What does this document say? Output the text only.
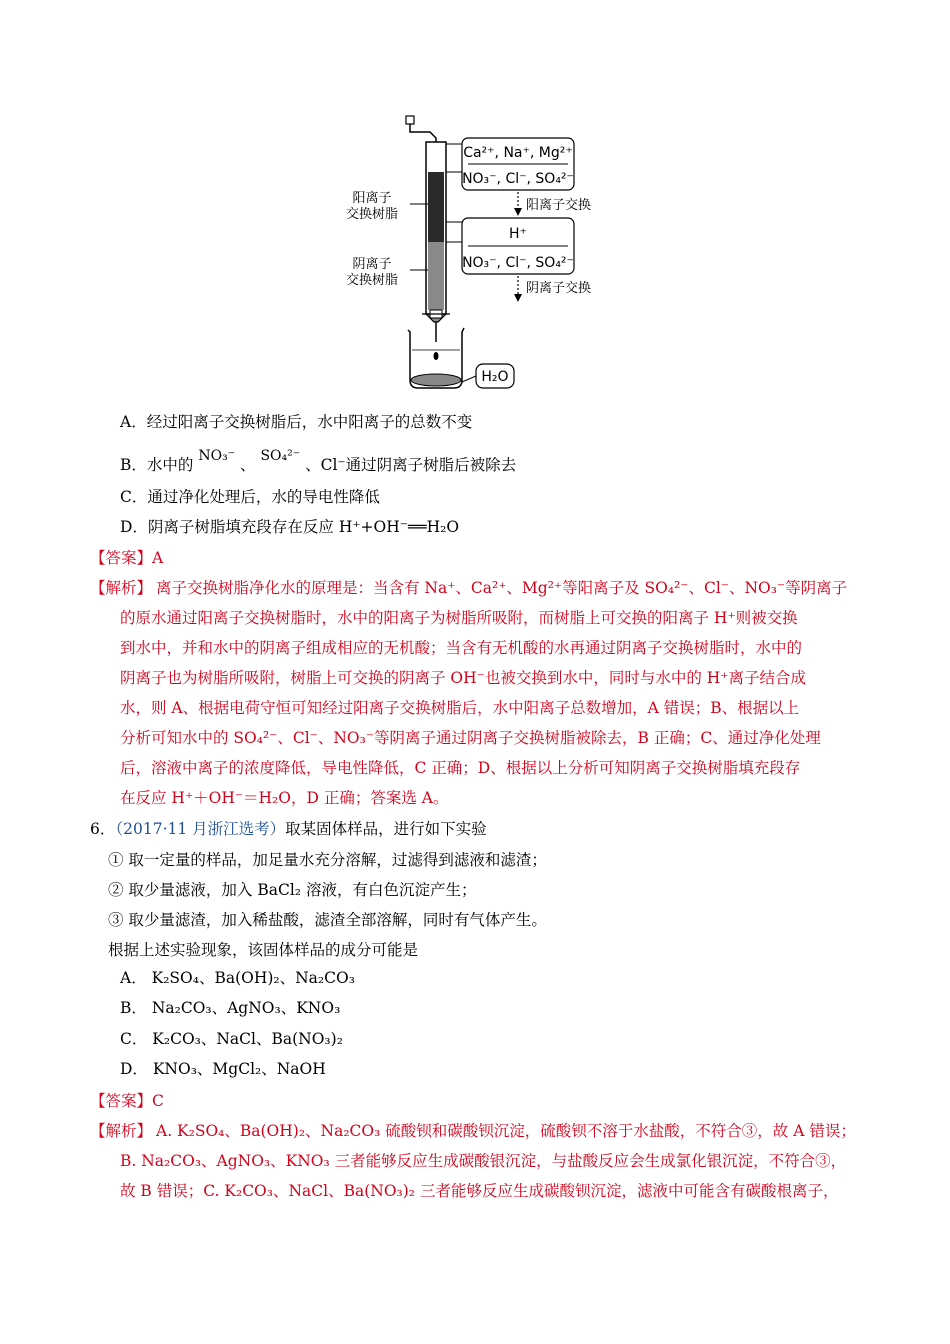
Ca²⁺, Na⁺, Mg²⁺
NO₃⁻, Cl⁻, SO₄²⁻
阳离子交换
H⁺
NO₃⁻, Cl⁻, SO₄²⁻
阴离子交换
阳离子
交换树脂
阴离子
交换树脂
H₂O
A．经过阳离子交换树脂后，水中阳离子的总数不变
B．水中的 NO₃⁻ 、 SO₄²⁻ 、Cl⁻通过阴离子树脂后被除去
C．通过净化处理后，水的导电性降低
D．阴离子树脂填充段存在反应 H⁺+OH⁻══H₂O
【答案】A
【解析】 离子交换树脂净化水的原理是：当含有 Na⁺、Ca²⁺、Mg²⁺等阳离子及 SO₄²⁻、Cl⁻、NO₃⁻等阴离子
的原水通过阳离子交换树脂时，水中的阳离子为树脂所吸附，而树脂上可交换的阳离子 H⁺则被交换
到水中，并和水中的阴离子组成相应的无机酸；当含有无机酸的水再通过阴离子交换树脂时，水中的
阴离子也为树脂所吸附，树脂上可交换的阴离子 OH⁻也被交换到水中，同时与水中的 H⁺离子结合成
水，则 A、根据电荷守恒可知经过阳离子交换树脂后，水中阳离子总数增加，A 错误；B、根据以上
分析可知水中的 SO₄²⁻、Cl⁻、NO₃⁻等阴离子通过阴离子交换树脂被除去，B 正确；C、通过净化处理
后，溶液中离子的浓度降低，导电性降低，C 正确；D、根据以上分析可知阴离子交换树脂填充段存
在反应 H⁺＋OH⁻＝H₂O，D 正确；答案选 A。
6．（2017·11 月浙江选考）取某固体样品，进行如下实验
① 取一定量的样品，加足量水充分溶解，过滤得到滤液和滤渣；
② 取少量滤液，加入 BaCl₂ 溶液，有白色沉淀产生；
③ 取少量滤渣，加入稀盐酸，滤渣全部溶解，同时有气体产生。
根据上述实验现象，该固体样品的成分可能是
A． K₂SO₄、Ba(OH)₂、Na₂CO₃
B． Na₂CO₃、AgNO₃、KNO₃
C． K₂CO₃、NaCl、Ba(NO₃)₂
D． KNO₃、MgCl₂、NaOH
【答案】C
【解析】 A. K₂SO₄、Ba(OH)₂、Na₂CO₃ 硫酸钡和碳酸钡沉淀，硫酸钡不溶于水盐酸，不符合③，故 A 错误；
B. Na₂CO₃、AgNO₃、KNO₃ 三者能够反应生成碳酸银沉淀，与盐酸反应会生成氯化银沉淀，不符合③，
故 B 错误；C. K₂CO₃、NaCl、Ba(NO₃)₂ 三者能够反应生成碳酸钡沉淀，滤液中可能含有碳酸根离子，
